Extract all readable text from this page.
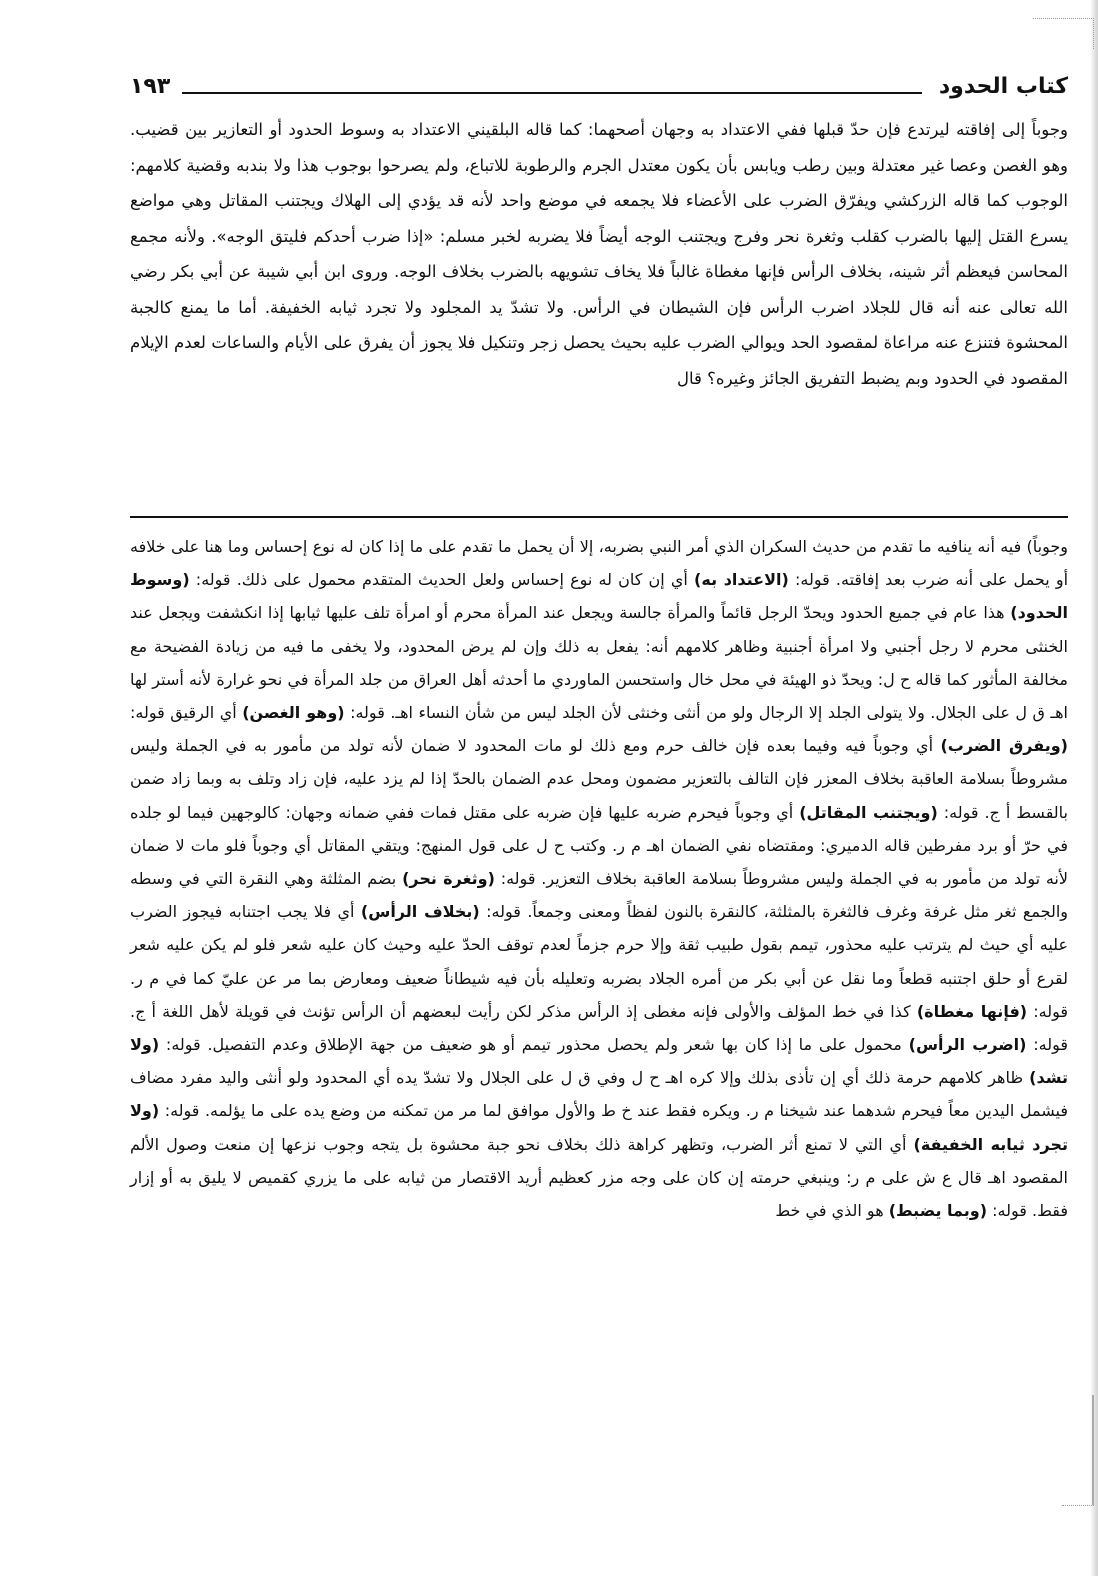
كتاب الحدود
١٩٣

وجوباً إلى إفاقته ليرتدع فإن حدّ قبلها ففي الاعتداد به وجهان أصحهما: كما قاله البلقيني الاعتداد به وسوط الحدود أو التعازير بين قضيب. وهو الغصن وعصا غير معتدلة وبين رطب ويابس بأن يكون معتدل الجرم والرطوبة للاتباع، ولم يصرحوا بوجوب هذا ولا بندبه وقضية كلامهم: الوجوب كما قاله الزركشي ويفرّق الضرب على الأعضاء فلا يجمعه في موضع واحد لأنه قد يؤدي إلى الهلاك ويجتنب المقاتل وهي مواضع يسرع القتل إليها بالضرب كقلب وثغرة نحر وفرج ويجتنب الوجه أيضاً فلا يضربه لخبر مسلم: «إذا ضرب أحدكم فليتق الوجه». ولأنه مجمع المحاسن فيعظم أثر شينه، بخلاف الرأس فإنها مغطاة غالباً فلا يخاف تشويهه بالضرب بخلاف الوجه. وروى ابن أبي شيبة عن أبي بكر رضي الله تعالى عنه أنه قال للجلاد اضرب الرأس فإن الشيطان في الرأس. ولا تشدّ يد المجلود ولا تجرد ثيابه الخفيفة. أما ما يمنع كالجبة المحشوة فتنزع عنه مراعاة لمقصود الحد ويوالي الضرب عليه بحيث يحصل زجر وتنكيل فلا يجوز أن يفرق على الأيام والساعات لعدم الإيلام المقصود في الحدود وبم يضبط التفريق الجائز وغيره؟ قال

وجوباً) فيه أنه ينافيه ما تقدم من حديث السكران الذي أمر النبي بضربه، إلا أن يحمل ما تقدم على ما إذا كان له نوع إحساس وما هنا على خلافه أو يحمل على أنه ضرب بعد إفاقته. قوله: (الاعتداد به) أي إن كان له نوع إحساس ولعل الحديث المتقدم محمول على ذلك. قوله: (وسوط الحدود) هذا عام في جميع الحدود ويحدّ الرجل قائماً والمرأة جالسة ويجعل عند المرأة محرم أو امرأة تلف عليها ثيابها إذا انكشفت ويجعل عند الخنثى محرم لا رجل أجنبي ولا امرأة أجنبية وظاهر كلامهم أنه: يفعل به ذلك وإن لم يرض المحدود، ولا يخفى ما فيه من زيادة الفضيحة مع مخالفة المأثور كما قاله ح ل: ويحدّ ذو الهيئة في محل خال واستحسن الماوردي ما أحدثه أهل العراق من جلد المرأة في نحو غرارة لأنه أستر لها اهـ ق ل على الجلال. ولا يتولى الجلد إلا الرجال ولو من أنثى وخنثى لأن الجلد ليس من شأن النساء اهـ. قوله: (وهو الغصن) أي الرقيق قوله: (ويفرق الضرب) أي وجوباً فيه وفيما بعده فإن خالف حرم ومع ذلك لو مات المحدود لا ضمان لأنه تولد من مأمور به في الجملة وليس مشروطاً بسلامة العاقبة بخلاف المعزر فإن التالف بالتعزير مضمون ومحل عدم الضمان بالحدّ إذا لم يزد عليه، فإن زاد وتلف به وبما زاد ضمن بالقسط أ ج. قوله: (ويجتنب المقاتل) أي وجوباً فيحرم ضربه عليها فإن ضربه على مقتل فمات ففي ضمانه وجهان: كالوجهين فيما لو جلده في حرّ أو برد مفرطين قاله الدميري: ومقتضاه نفي الضمان اهـ م ر. وكتب ح ل على قول المنهج: ويتقي المقاتل أي وجوباً فلو مات لا ضمان لأنه تولد من مأمور به في الجملة وليس مشروطاً بسلامة العاقبة بخلاف التعزير. قوله: (وثغرة نحر) بضم المثلثة وهي النقرة التي في وسطه والجمع ثغر مثل غرفة وغرف فالثغرة بالمثلثة، كالنقرة بالنون لفظاً ومعنى وجمعاً. قوله: (بخلاف الرأس) أي فلا يجب اجتنابه فيجوز الضرب عليه أي حيث لم يترتب عليه محذور، تيمم بقول طبيب ثقة وإلا حرم جزماً لعدم توقف الحدّ عليه وحيث كان عليه شعر فلو لم يكن عليه شعر لقرع أو حلق اجتنبه قطعاً وما نقل عن أبي بكر من أمره الجلاد بضربه وتعليله بأن فيه شيطاناً ضعيف ومعارض بما مر عن عليّ كما في م ر. قوله: (فإنها مغطاة) كذا في خط المؤلف والأولى فإنه مغطى إذ الرأس مذكر لكن رأيت لبعضهم أن الرأس تؤنث في قويلة لأهل اللغة أ ج. قوله: (اضرب الرأس) محمول على ما إذا كان بها شعر ولم يحصل محذور تيمم أو هو ضعيف من جهة الإطلاق وعدم التفصيل. قوله: (ولا تشد) ظاهر كلامهم حرمة ذلك أي إن تأذى بذلك وإلا كره اهـ ح ل وفي ق ل على الجلال ولا تشدّ يده أي المحدود ولو أنثى واليد مفرد مضاف فيشمل اليدين معاً فيحرم شدهما عند شيخنا م ر. ويكره فقط عند خ ط والأول موافق لما مر من تمكنه من وضع يده على ما يؤلمه. قوله: (ولا تجرد ثيابه الخفيفة) أي التي لا تمنع أثر الضرب، وتظهر كراهة ذلك بخلاف نحو جبة محشوة بل يتجه وجوب نزعها إن منعت وصول الألم المقصود اهـ قال ع ش على م ر: وينبغي حرمته إن كان على وجه مزر كعظيم أريد الاقتصار من ثيابه على ما يزري كقميص لا يليق به أو إزار فقط. قوله: (وبما يضبط) هو الذي في خط
